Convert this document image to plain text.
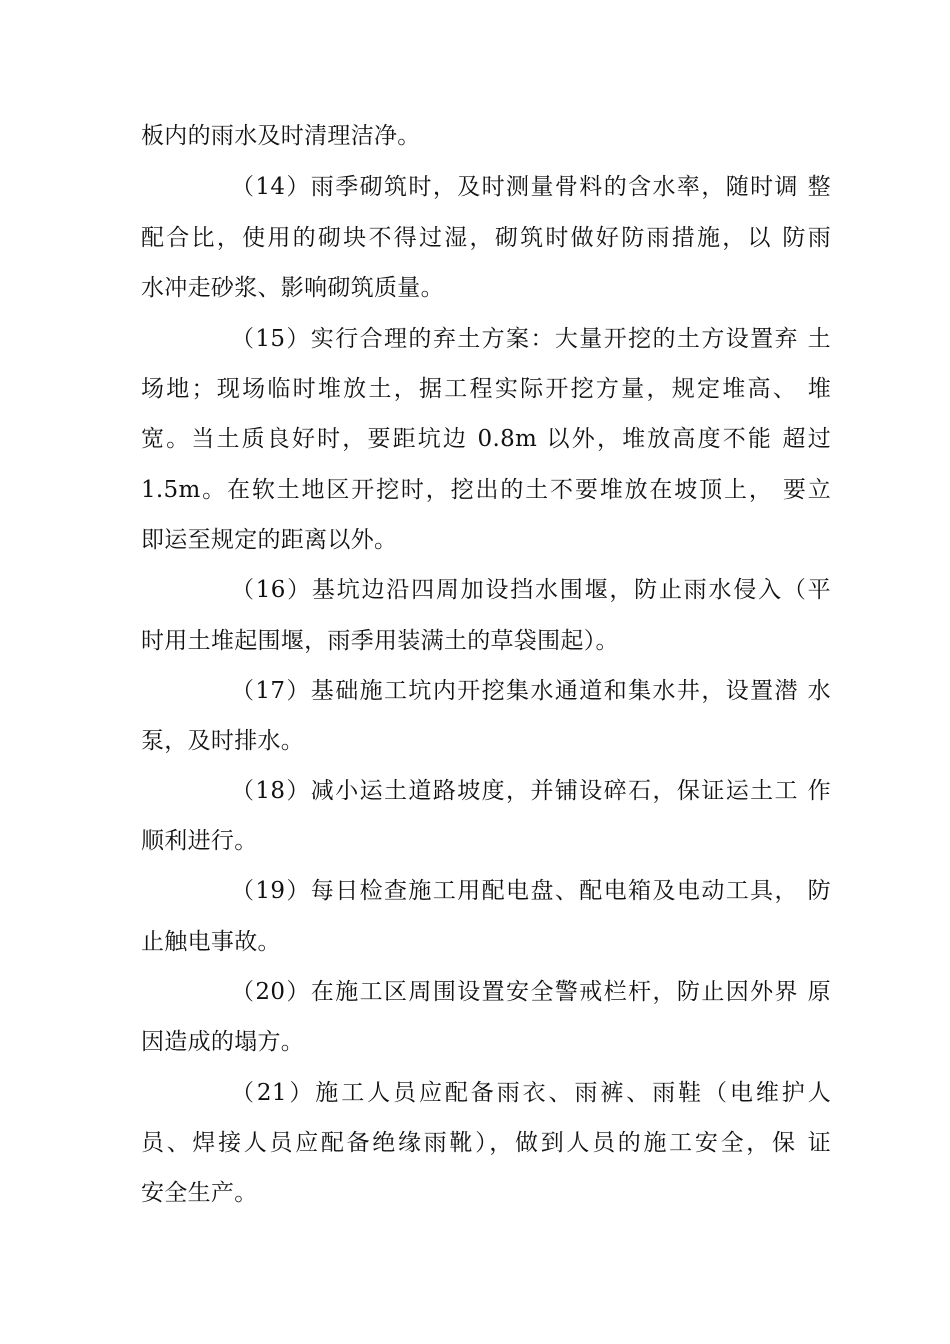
板内的雨水及时清理洁净。
（14）雨季砌筑时，及时测量骨料的含水率，随时调 整
配合比，使用的砌块不得过湿，砌筑时做好防雨措施，以 防雨
水冲走砂浆、影响砌筑质量。
（15）实行合理的弃土方案：大量开挖的土方设置弃 土
场地；现场临时堆放土，据工程实际开挖方量，规定堆高、 堆
宽。当土质良好时，要距坑边 0.8m 以外，堆放高度不能 超过
1.5m。在软土地区开挖时，挖出的土不要堆放在坡顶上， 要立
即运至规定的距离以外。
（16）基坑边沿四周加设挡水围堰，防止雨水侵入（平
时用土堆起围堰，雨季用装满土的草袋围起）。
（17）基础施工坑内开挖集水通道和集水井，设置潜 水
泵，及时排水。
（18）减小运土道路坡度，并铺设碎石，保证运土工 作
顺利进行。
（19）每日检查施工用配电盘、配电箱及电动工具， 防
止触电事故。
（20）在施工区周围设置安全警戒栏杆，防止因外界 原
因造成的塌方。
（21）施工人员应配备雨衣、雨裤、雨鞋（电维护人
员、焊接人员应配备绝缘雨靴），做到人员的施工安全，保 证
安全生产。
